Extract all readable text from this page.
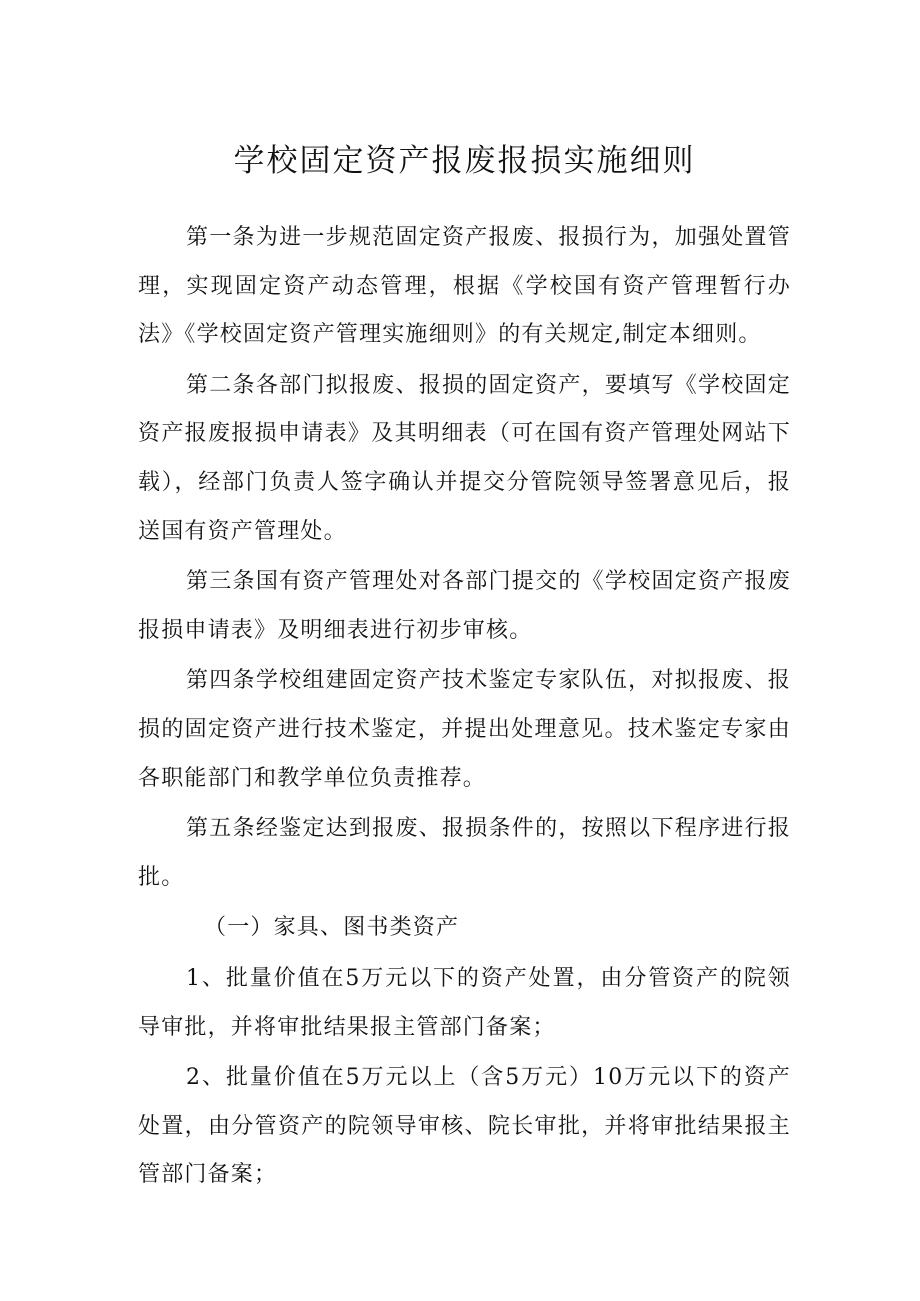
学校固定资产报废报损实施细则

第一条为进一步规范固定资产报废、报损行为，加强处置管理，实现固定资产动态管理，根据《学校国有资产管理暂行办法》《学校固定资产管理实施细则》的有关规定,制定本细则。

第二条各部门拟报废、报损的固定资产，要填写《学校固定资产报废报损申请表》及其明细表（可在国有资产管理处网站下载），经部门负责人签字确认并提交分管院领导签署意见后，报送国有资产管理处。

第三条国有资产管理处对各部门提交的《学校固定资产报废报损申请表》及明细表进行初步审核。

第四条学校组建固定资产技术鉴定专家队伍，对拟报废、报损的固定资产进行技术鉴定，并提出处理意见。技术鉴定专家由各职能部门和教学单位负责推荐。

第五条经鉴定达到报废、报损条件的，按照以下程序进行报批。

（一）家具、图书类资产

1、批量价值在5万元以下的资产处置，由分管资产的院领导审批，并将审批结果报主管部门备案；

2、批量价值在5万元以上（含5万元）10万元以下的资产处置，由分管资产的院领导审核、院长审批，并将审批结果报主管部门备案；
